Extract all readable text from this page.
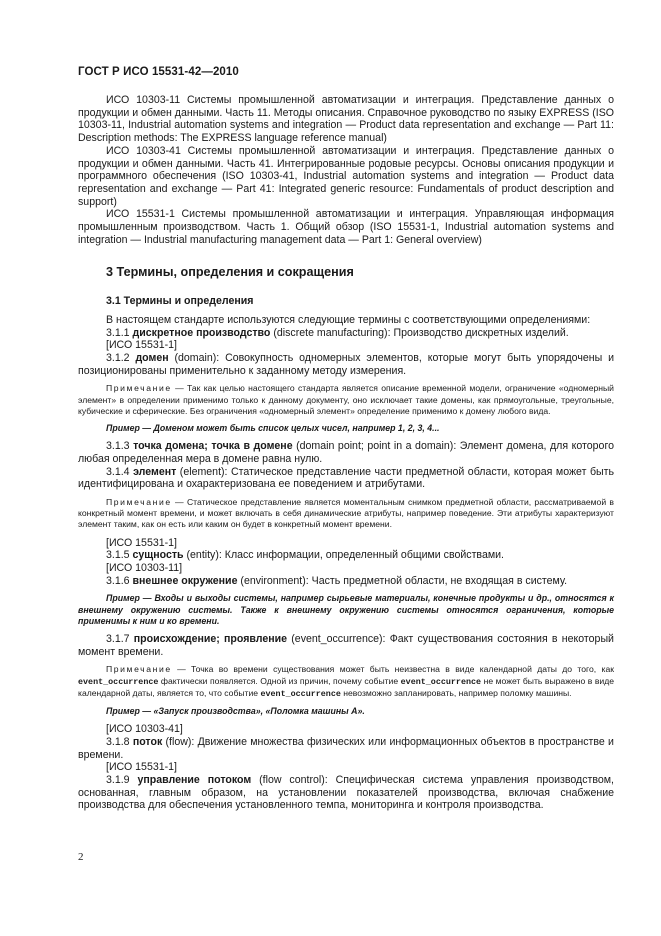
ГОСТ Р ИСО 15531-42—2010

ИСО 10303-11 Системы промышленной автоматизации и интеграция. Представление данных о продукции и обмен данными. Часть 11. Методы описания. Справочное руководство по языку EXPRESS (ISO 10303-11, Industrial automation systems and integration — Product data representation and exchange — Part 11: Description methods: The EXPRESS language reference manual)

ИСО 10303-41 Системы промышленной автоматизации и интеграция. Представление данных о продукции и обмен данными. Часть 41. Интегрированные родовые ресурсы. Основы описания продукции и программного обеспечения (ISO 10303-41, Industrial automation systems and integration — Product data representation and exchange — Part 41: Integrated generic resource: Fundamentals of product description and support)

ИСО 15531-1 Системы промышленной автоматизации и интеграция. Управляющая информация промышленным производством. Часть 1. Общий обзор (ISO 15531-1, Industrial automation systems and integration — Industrial manufacturing management data — Part 1: General overview)

3 Термины, определения и сокращения

3.1 Термины и определения

В настоящем стандарте используются следующие термины с соответствующими определениями:

3.1.1 дискретное производство (discrete manufacturing): Производство дискретных изделий.

[ИСО 15531-1]

3.1.2 домен (domain): Совокупность одномерных элементов, которые могут быть упорядочены и позиционированы применительно к заданному методу измерения.

Примечание — Так как целью настоящего стандарта является описание временной модели, ограничение «одномерный элемент» в определении применимо только к данному документу, оно исключает такие домены, как прямоугольные, треугольные, кубические и сферические. Без ограничения «одномерный элемент» определение применимо к домену любого вида.

Пример — Доменом может быть список целых чисел, например 1, 2, 3, 4...

3.1.3 точка домена; точка в домене (domain point; point in a domain): Элемент домена, для которого любая определенная мера в домене равна нулю.

3.1.4 элемент (element): Статическое представление части предметной области, которая может быть идентифицирована и охарактеризована ее поведением и атрибутами.

Примечание — Статическое представление является моментальным снимком предметной области, рассматриваемой в конкретный момент времени, и может включать в себя динамические атрибуты, например поведение. Эти атрибуты характеризуют элемент таким, как он есть или каким он будет в конкретный момент времени.

[ИСО 15531-1]

3.1.5 сущность (entity): Класс информации, определенный общими свойствами.

[ИСО 10303-11]

3.1.6 внешнее окружение (environment): Часть предметной области, не входящая в систему.

Пример — Входы и выходы системы, например сырьевые материалы, конечные продукты и др., относятся к внешнему окружению системы. Также к внешнему окружению системы относятся ограничения, которые применимы к ним и ко времени.

3.1.7 происхождение; проявление (event_occurrence): Факт существования состояния в некоторый момент времени.

Примечание — Точка во времени существования может быть неизвестна в виде календарной даты до того, как event_occurrence фактически появляется. Одной из причин, почему событие event_occurrence не может быть выражено в виде календарной даты, является то, что событие event_occurrence невозможно запланировать, например поломку машины.

Пример — «Запуск производства», «Поломка машины А».

[ИСО 10303-41]

3.1.8 поток (flow): Движение множества физических или информационных объектов в пространстве и времени.

[ИСО 15531-1]

3.1.9 управление потоком (flow control): Специфическая система управления производством, основанная, главным образом, на установлении показателей производства, включая снабжение производства для обеспечения установленного темпа, мониторинга и контроля производства.

2
